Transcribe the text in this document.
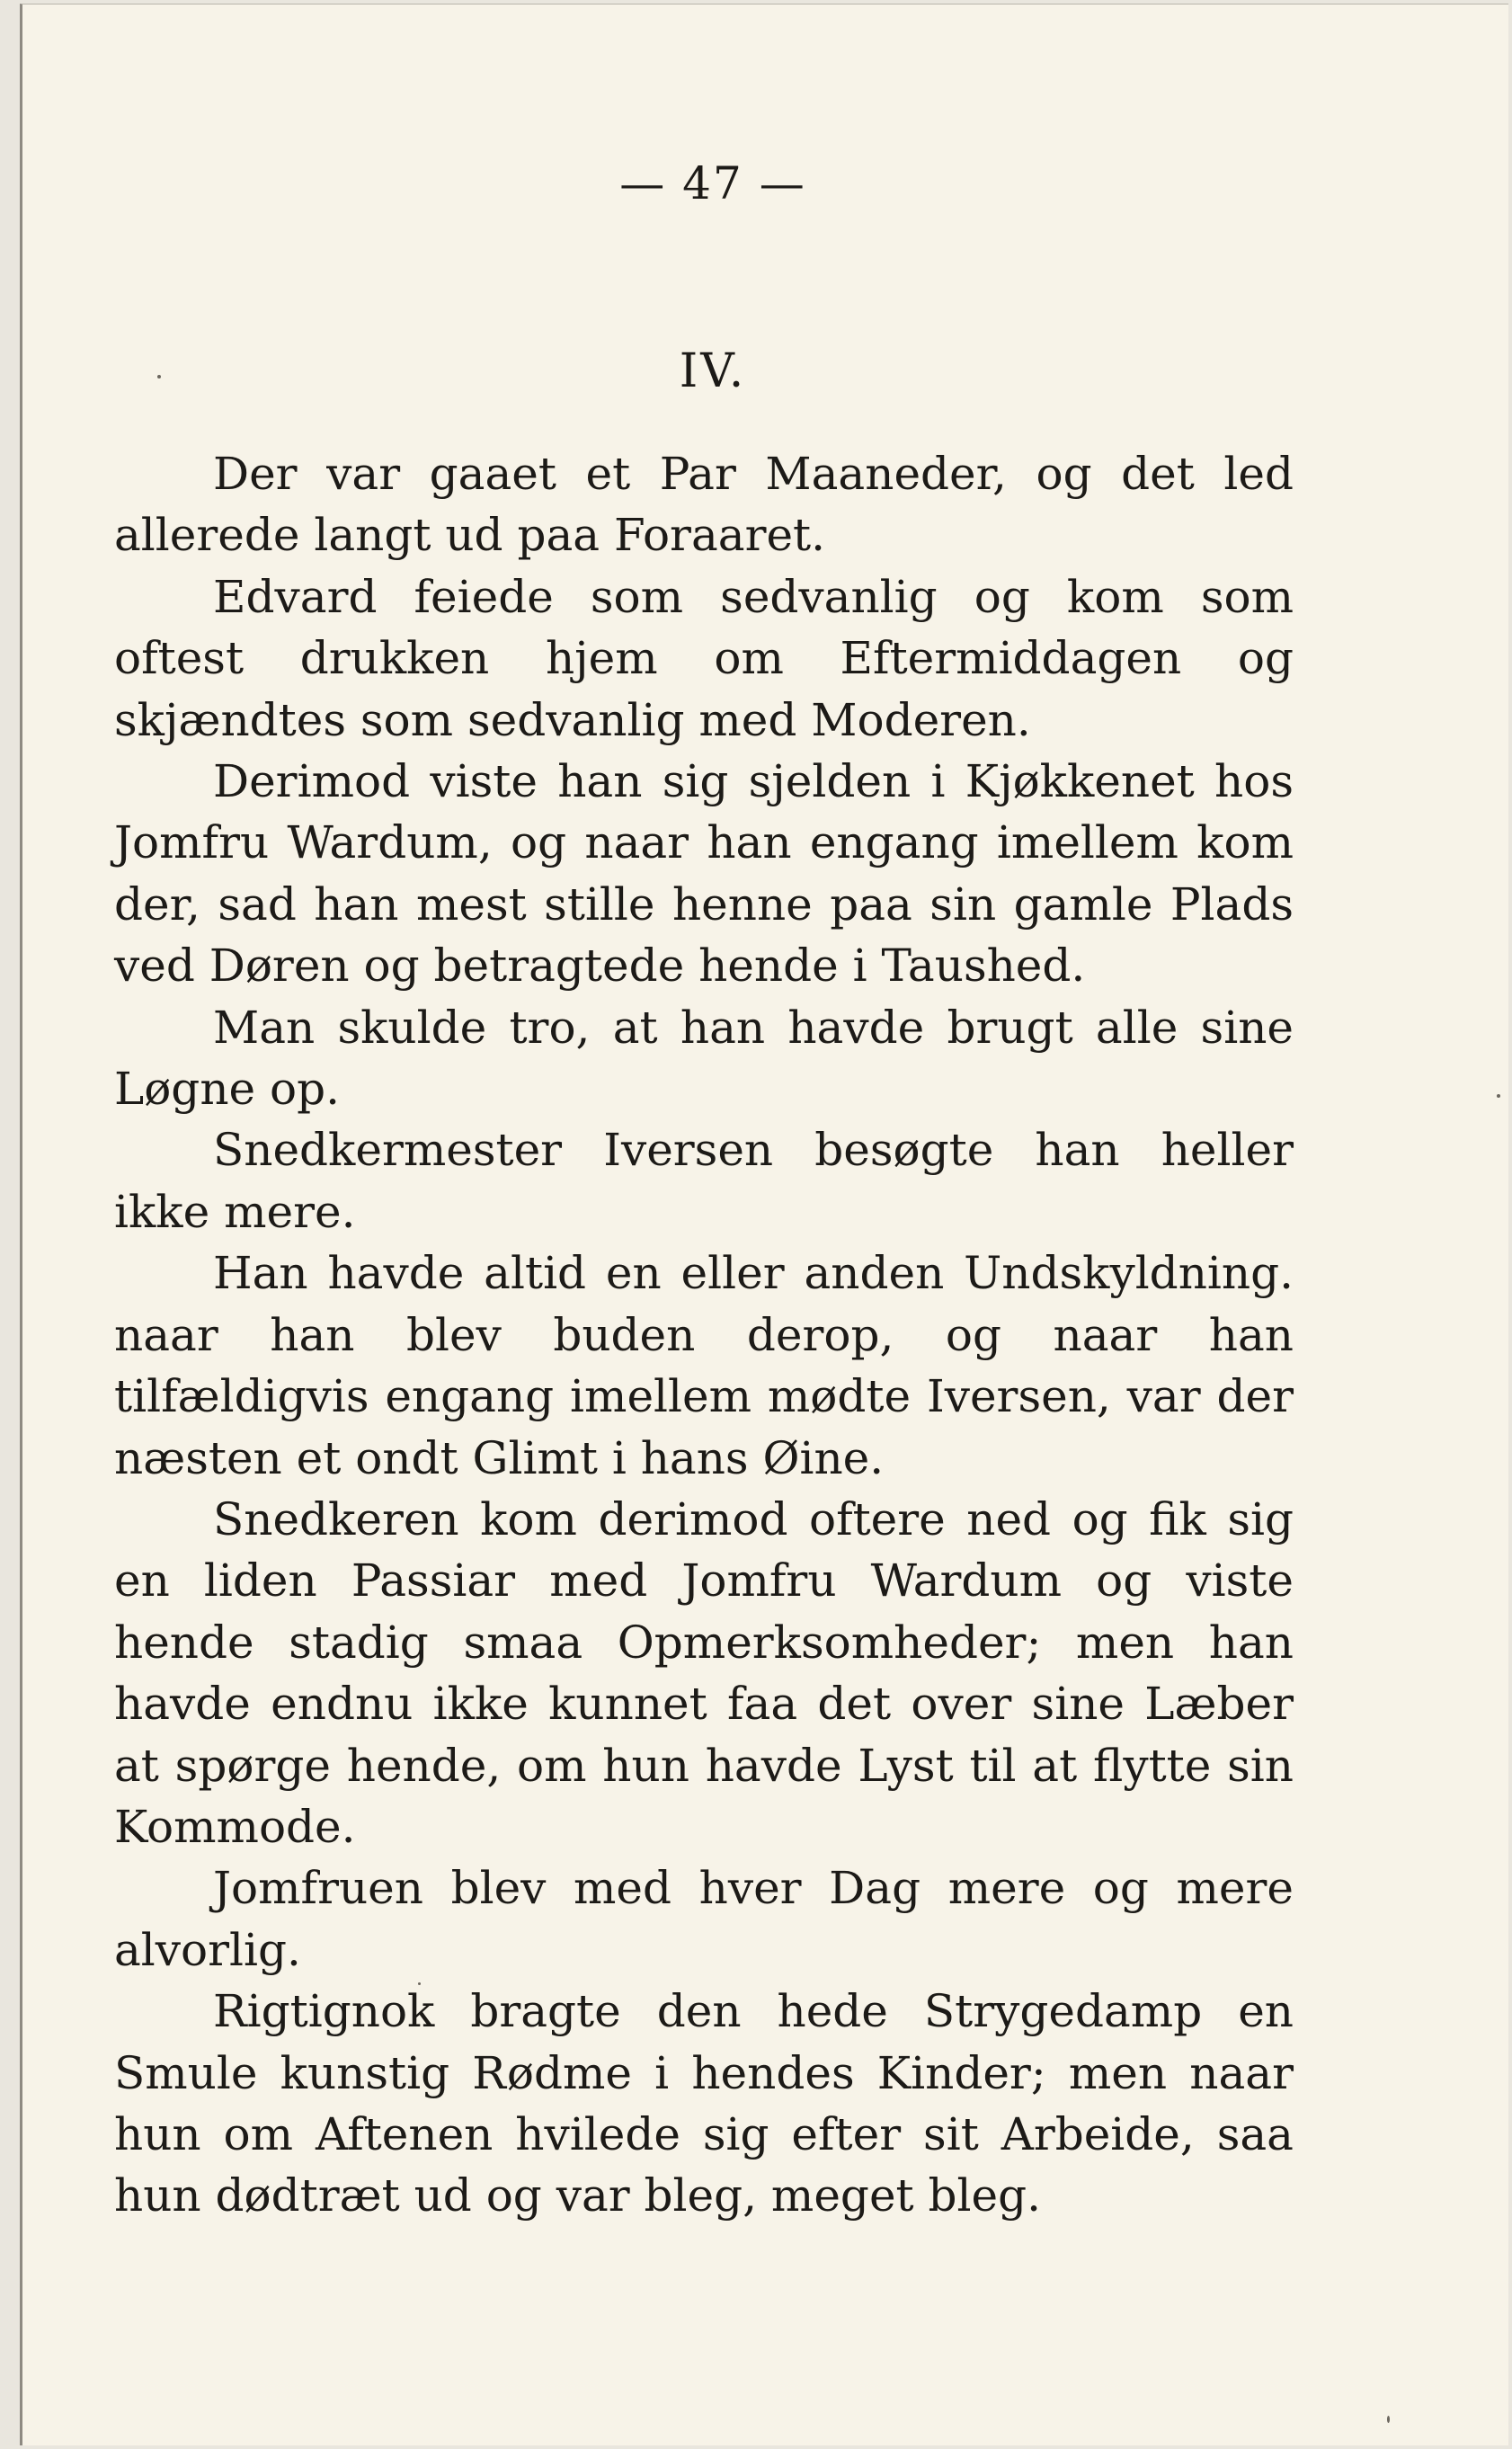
— 47 —
IV.

Der var gaaet et Par Maaneder, og det led allerede langt ud paa Foraaret.

Edvard feiede som sedvanlig og kom som oftest drukken hjem om Eftermiddagen og skjændtes som sedvanlig med Moderen.

Derimod viste han sig sjelden i Kjøkkenet hos Jomfru Wardum, og naar han engang imellem kom der, sad han mest stille henne paa sin gamle Plads ved Døren og betragtede hende i Taushed.

Man skulde tro, at han havde brugt alle sine Løgne op.

Snedkermester Iversen besøgte han heller ikke mere.

Han havde altid en eller anden Undskyldning. naar han blev buden derop, og naar han tilfældigvis engang imellem mødte Iversen, var der næsten et ondt Glimt i hans Øine.

Snedkeren kom derimod oftere ned og fik sig en liden Passiar med Jomfru Wardum og viste hende stadig smaa Opmerksomheder; men han havde endnu ikke kunnet faa det over sine Læber at spørge hende, om hun havde Lyst til at flytte sin Kommode.

Jomfruen blev med hver Dag mere og mere alvorlig.

Rigtignok bragte den hede Strygedamp en Smule kunstig Rødme i hendes Kinder; men naar hun om Aftenen hvilede sig efter sit Arbeide, saa hun dødtræt ud og var bleg, meget bleg.
